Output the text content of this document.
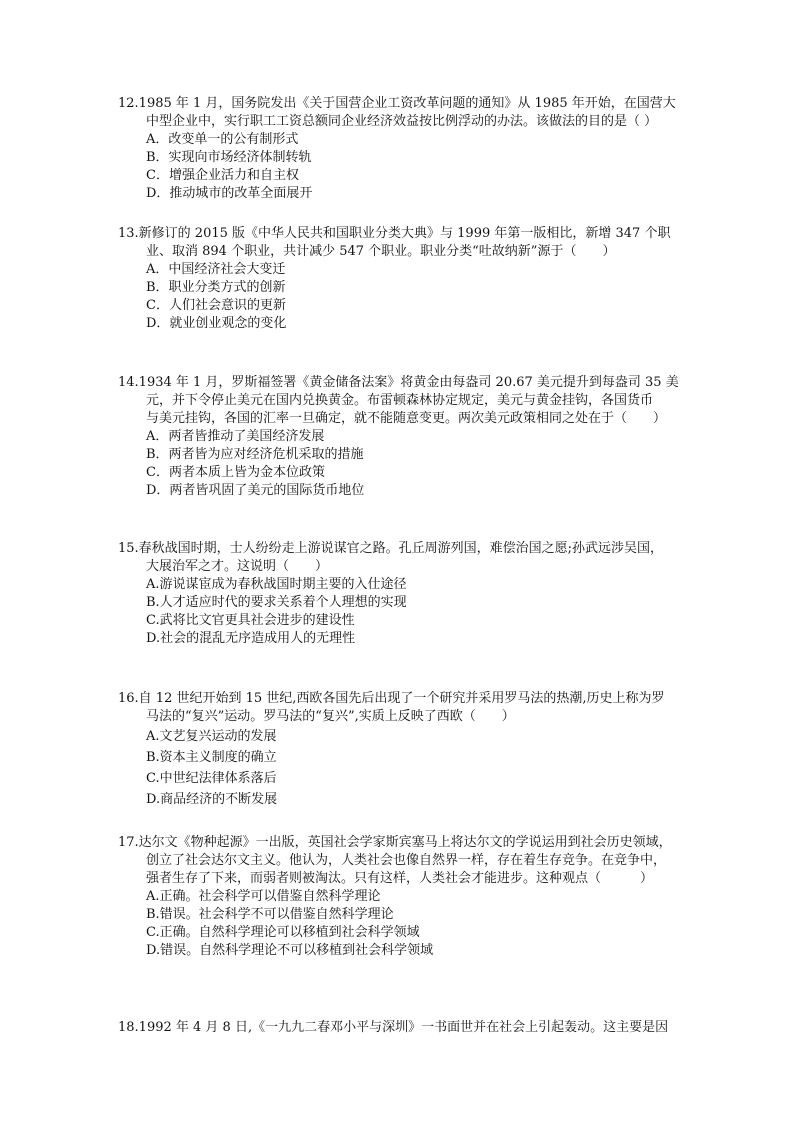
12.1985 年 1 月，国务院发出《关于国营企业工资改革问题的通知》从 1985 年开始，在国营大
中型企业中，实行职工工资总额同企业经济效益按比例浮动的办法。该做法的目的是（ ）

A．改变单一的公有制形式
B．实现向市场经济体制转轨
C．增强企业活力和自主权
D．推动城市的改革全面展开

13.新修订的 2015 版《中华人民共和国职业分类大典》与 1999 年第一版相比，新增 347 个职
业、取消 894 个职业，共计减少 547 个职业。职业分类“吐故纳新”源于（　　）

A．中国经济社会大变迁
B．职业分类方式的创新
C．人们社会意识的更新
D．就业创业观念的变化

14.1934 年 1 月，罗斯福签署《黄金储备法案》将黄金由每盎司 20.67 美元提升到每盎司 35 美
元，并下令停止美元在国内兑换黄金。布雷顿森林协定规定，美元与黄金挂钩，各国货币
与美元挂钩，各国的汇率一旦确定，就不能随意变更。两次美元政策相同之处在于（　　）

A．两者皆推动了美国经济发展
B．两者皆为应对经济危机采取的措施
C．两者本质上皆为金本位政策
D．两者皆巩固了美元的国际货币地位

15.春秋战国时期，士人纷纷走上游说谋官之路。孔丘周游列国，难偿治国之愿;孙武远涉吴国，
大展治军之才。这说明（　　）

A.游说谋宦成为春秋战国时期主要的入仕途径
B.人才适应时代的要求关系着个人理想的实现
C.武将比文官更具社会进步的建设性
D.社会的混乱无序造成用人的无理性

16.自 12 世纪开始到 15 世纪,西欧各国先后出现了一个研究并采用罗马法的热潮,历史上称为罗
马法的“复兴”运动。罗马法的“复兴”,实质上反映了西欧（　　）

A.文艺复兴运动的发展
B.资本主义制度的确立
C.中世纪法律体系落后
D.商品经济的不断发展

17.达尔文《物种起源》一出版，英国社会学家斯宾塞马上将达尔文的学说运用到社会历史领域，
创立了社会达尔文主义。他认为，人类社会也像自然界一样，存在着生存竞争。在竞争中，
强者生存了下来，而弱者则被淘汰。只有这样，人类社会才能进步。这种观点（　　　）

A.正确。社会科学可以借鉴自然科学理论
B.错误。社会科学不可以借鉴自然科学理论
C.正确。自然科学理论可以移植到社会科学领域
D.错误。自然科学理论不可以移植到社会科学领域

18.1992 年 4 月 8 日,《一九九二春邓小平与深圳》一书面世并在社会上引起轰动。这主要是因
